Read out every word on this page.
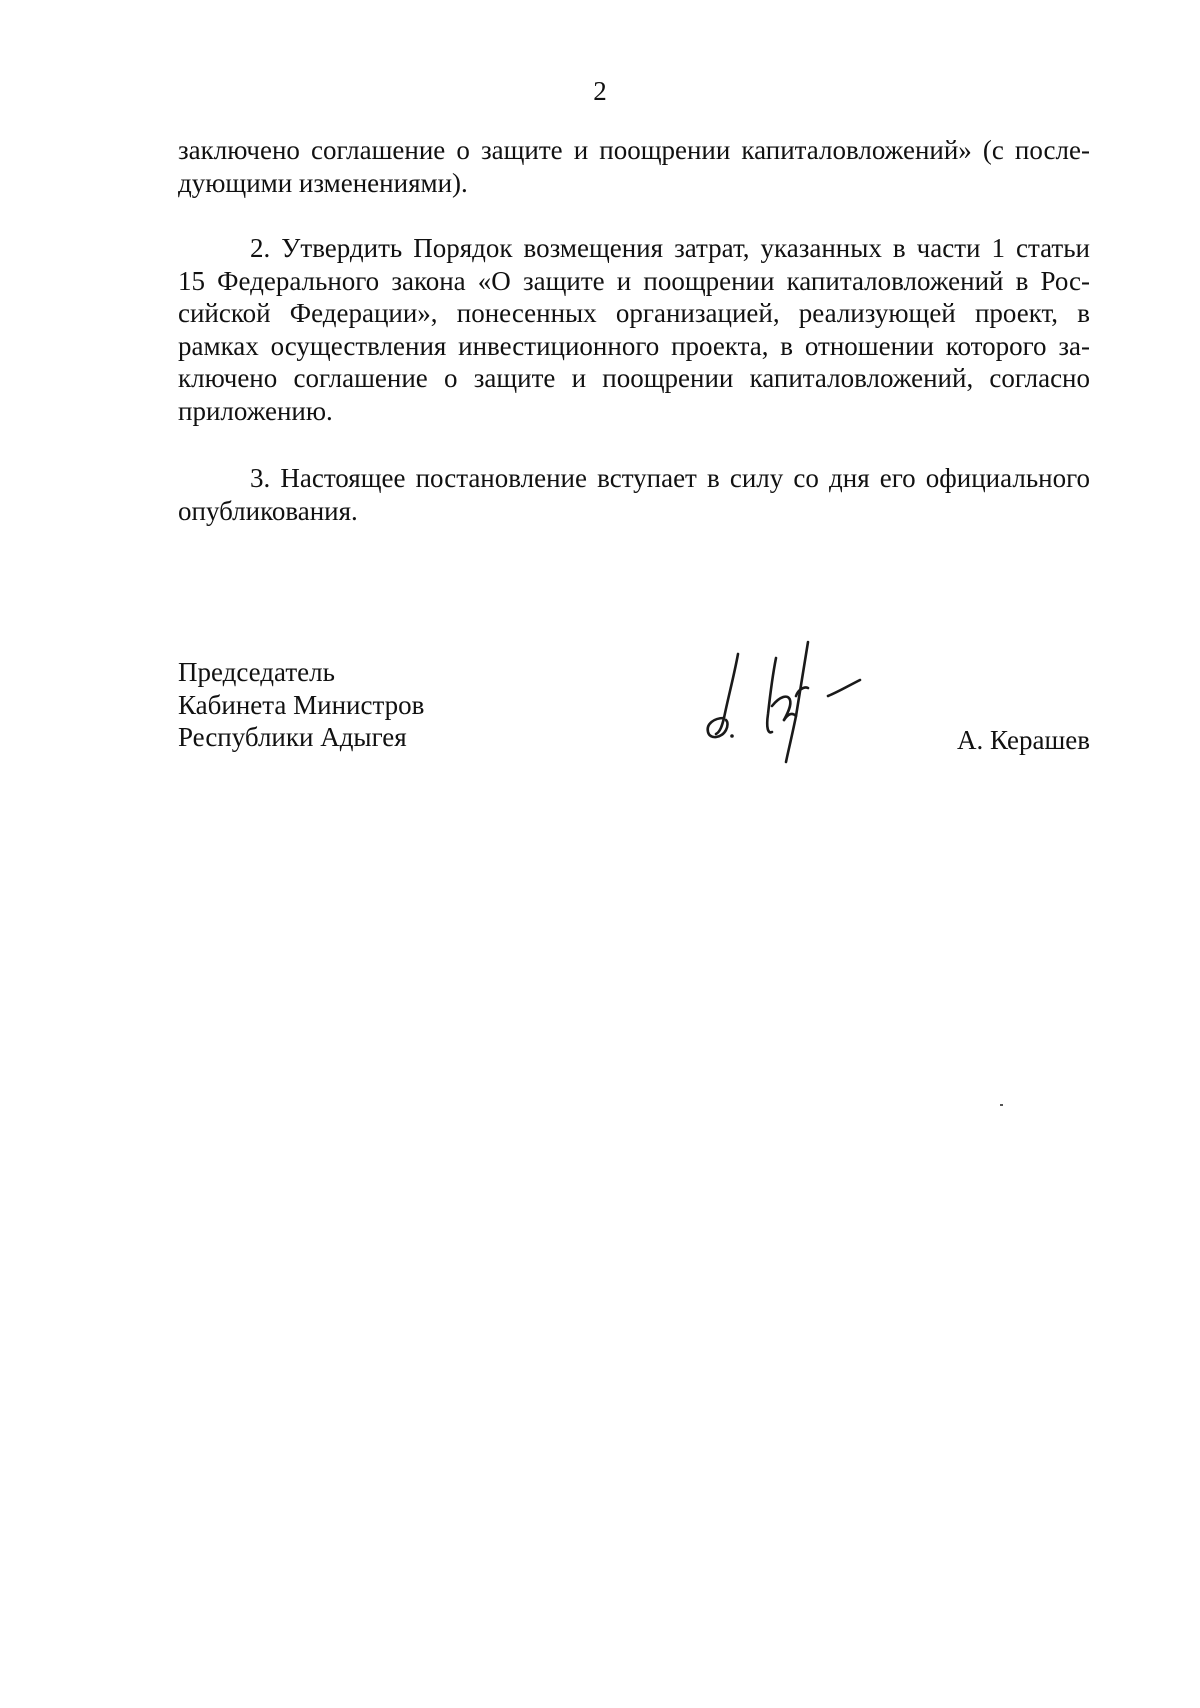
2
заключено соглашение о защите и поощрении капиталовложений» (с после-
дующими изменениями).
2. Утвердить Порядок возмещения затрат, указанных в части 1 статьи
15 Федерального закона «О защите и поощрении капиталовложений в Рос-
сийской Федерации», понесенных организацией, реализующей проект, в
рамках осуществления инвестиционного проекта, в отношении которого за-
ключено соглашение о защите и поощрении капиталовложений, согласно
приложению.
3. Настоящее постановление вступает в силу со дня его официального
опубликования.
Председатель
Кабинета Министров
Республики Адыгея	А. Керашев
